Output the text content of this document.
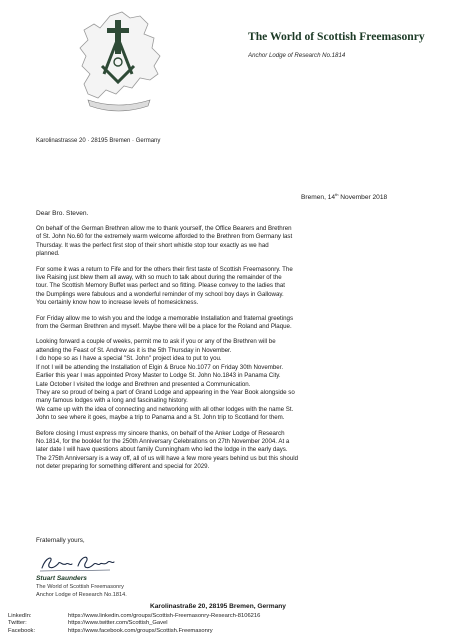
The World of Scottish Freemasonry
Anchor Lodge of Research No.1814
Karolinastrasse 20 · 28195 Bremen · Germany
Bremen, 14th November 2018
Dear Bro. Steven.

On behalf of the German Brethren allow me to thank yourself, the Office Bearers and Brethren
of St. John No.60 for the extremely warm welcome afforded to the Brethren from Germany last
Thursday. It was the perfect first stop of their short whistle stop tour exactly as we had
planned.

For some it was a return to Fife and for the others their first taste of Scottish Freemasonry. The
live Raising just blew them all away, with so much to talk about during the remainder of the
tour. The Scottish Memory Buffet was perfect and so fitting. Please convey to the ladies that
the Dumplings were fabulous and a wonderful reminder of my school boy days in Galloway.
You certainly know how to increase levels of homesickness.

For Friday allow me to wish you and the lodge a memorable Installation and fraternal greetings
from the German Brethren and myself. Maybe there will be a place for the Roland and Plaque.

Looking forward a couple of weeks, permit me to ask if you or any of the Brethren will be
attending the Feast of St. Andrew as it is the 5th Thursday in November.
I do hope so as I have a special "St. John" project idea to put to you.
If not I will be attending the Installation of Elgin & Bruce No.1077 on Friday 30th November.
Earlier this year I was appointed Proxy Master to Lodge St. John No.1843 in Panama City.
Late October I visited the lodge and Brethren and presented a Communication.
They are so proud of being a part of Grand Lodge and appearing in the Year Book alongside so
many famous lodges with a long and fascinating history.
We came up with the idea of connecting and networking with all other lodges with the name St.
John to see where it goes, maybe a trip to Panama and a St. John trip to Scotland for them.

Before closing I must express my sincere thanks, on behalf of the Anker Lodge of Research
No.1814, for the booklet for the 250th Anniversary Celebrations on 27th November 2004. At a
later date I will have questions about family Cunningham who led the lodge in the early days.
The 275th Anniversary is a way off, all of us will have a few more years behind us but this should
not deter preparing for something different and special for 2029.

Fraternally yours,
Stuart Saunders
The World of Scottish Freemasonry
Anchor Lodge of Research No.1814.
Karolinastraße 20, 28195 Bremen, Germany
LinkedIn:	https://www.linkedin.com/groups/Scottish-Freemasonry-Research-8106216
Twitter:	https://www.twitter.com/Scottish_Gavel
Facebook:	https://www.facebook.com/groups/Scottish.Freemasonry
